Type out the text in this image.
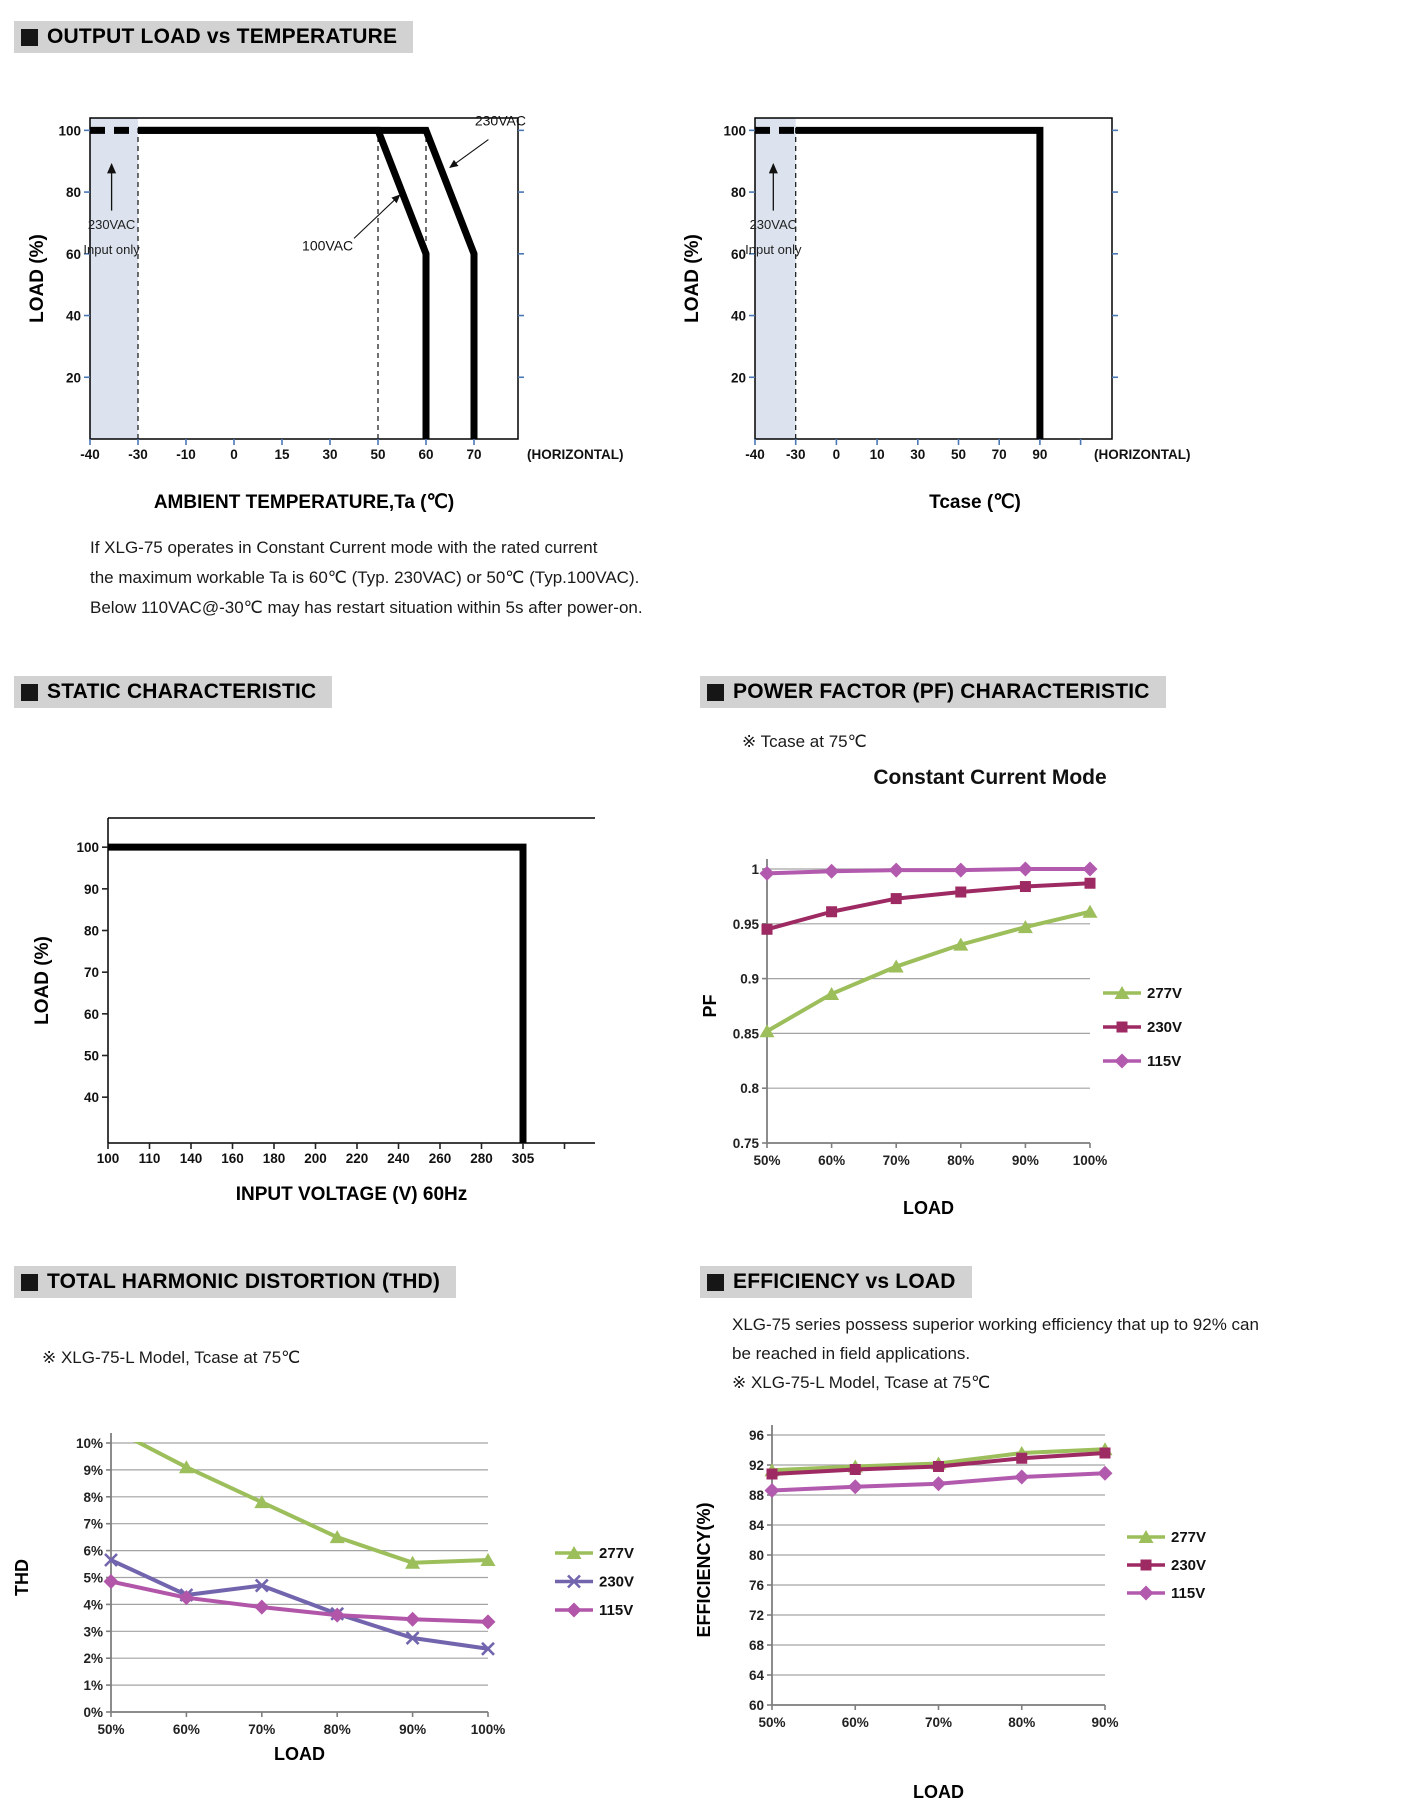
OUTPUT LOAD vs TEMPERATURE
20
40
60
80
100
-40 -30 -10	0	15 30 50 60 70	(HORIZONTAL)
230VAC
Input only
230VAC
100VAC
LOAD (%)
AMBIENT TEMPERATURE,Ta (℃)
20
40
60
80
100
-40 -30 0 10 30 50 70 90	(HORIZONTAL)
230VAC
Input only
LOAD (%)
Tcase (℃)
If XLG-75 operates in Constant Current mode with the rated current
the maximum workable Ta is 60℃ (Typ. 230VAC) or 50℃ (Typ.100VAC).
Below 110VAC@-30℃ may has restart situation within 5s after power-on.
STATIC CHARACTERISTIC	POWER FACTOR (PF) CHARACTERISTIC
※ Tcase at 75℃
Constant Current Mode
40
50
60
70
80
90
100
100 110 140 160 180 200 220 240 260 280 305
LOAD (%)
INPUT VOLTAGE (V) 60Hz
0.75
0.8
0.85
0.9
0.95
1
50%	60%	70%	80%	90%	100%
277V
230V
115V
PF
LOAD
TOTAL HARMONIC DISTORTION (THD)	EFFICIENCY vs LOAD
XLG-75 series possess superior working efficiency that up to 92% can
be reached in field applications.
※ XLG-75-L Model, Tcase at 75℃
※ XLG-75-L Model, Tcase at 75℃
0%
1%
2%
3%
4%
5%
6%
7%
8%
9%
10%
50%	60%	70%	80%	90%	100%
277V
230V
115V
THD
LOAD
60
64
68
72
76
80
84
88
92
96
50%	60%	70%	80%	90%
277V
230V
115V
EFFICIENCY(%)
LOAD
